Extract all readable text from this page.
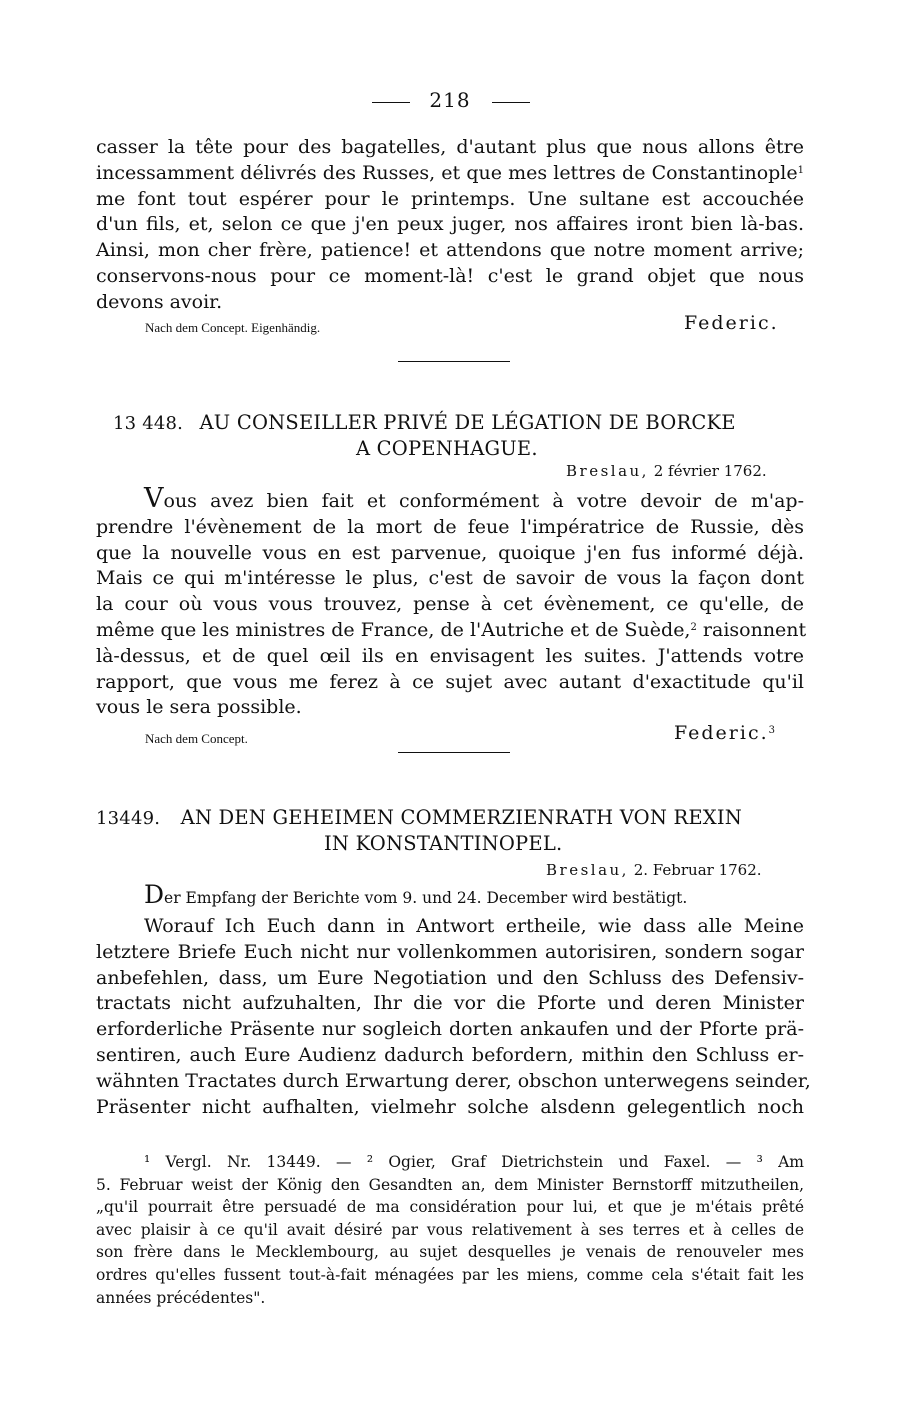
218
casser la tête pour des bagatelles, d'autant plus que nous allons être
incessamment délivrés des Russes, et que mes lettres de Constantinople$^1$
me font tout espérer pour le printemps. Une sultane est accouchée
d'un fils, et, selon ce que j'en peux juger, nos affaires iront bien là-bas.
Ainsi, mon cher frère, patience! et attendons que notre moment arrive;
conservons-nous pour ce moment-là! c'est le grand objet que nous
devons avoir.
Nach dem Concept. Eigenhändig.	Federic.
13 448. AU CONSEILLER PRIVÉ DE LÉGATION DE BORCKE
A COPENHAGUE.
Breslau, 2 février 1762.
Vous avez bien fait et conformément à votre devoir de m'ap-
prendre l'évènement de la mort de feue l'impératrice de Russie, dès
que la nouvelle vous en est parvenue, quoique j'en fus informé déjà.
Mais ce qui m'intéresse le plus, c'est de savoir de vous la façon dont
la cour où vous vous trouvez, pense à cet évènement, ce qu'elle, de
même que les ministres de France, de l'Autriche et de Suède,$^2$ raisonnent
là-dessus, et de quel œil ils en envisagent les suites. J'attends votre
rapport, que vous me ferez à ce sujet avec autant d'exactitude qu'il
vous le sera possible.
Nach dem Concept.	Federic.$^3$
13449. AN DEN GEHEIMEN COMMERZIENRATH VON REXIN
IN KONSTANTINOPEL.
Breslau, 2. Februar 1762.
Der Empfang der Berichte vom 9. und 24. December wird bestätigt.
Worauf Ich Euch dann in Antwort ertheile, wie dass alle Meine
letztere Briefe Euch nicht nur vollenkommen autorisiren, sondern sogar
anbefehlen, dass, um Eure Negotiation und den Schluss des Defensiv-
tractats nicht aufzuhalten, Ihr die vor die Pforte und deren Minister
erforderliche Präsente nur sogleich dorten ankaufen und der Pforte prä-
sentiren, auch Eure Audienz dadurch befordern, mithin den Schluss er-
wähnten Tractates durch Erwartung derer, obschon unterwegens seinder,
Präsenter nicht aufhalten, vielmehr solche alsdenn gelegentlich noch
¹ Vergl. Nr. 13449. — ² Ogier, Graf Dietrichstein und Faxel. — ³ Am
5. Februar weist der König den Gesandten an, dem Minister Bernstorff mitzutheilen,
„qu'il pourrait être persuadé de ma considération pour lui, et que je m'étais prêté
avec plaisir à ce qu'il avait désiré par vous relativement à ses terres et à celles de
son frère dans le Mecklembourg, au sujet desquelles je venais de renouveler mes
ordres qu'elles fussent tout-à-fait ménagées par les miens, comme cela s'était fait les
années précédentes".
